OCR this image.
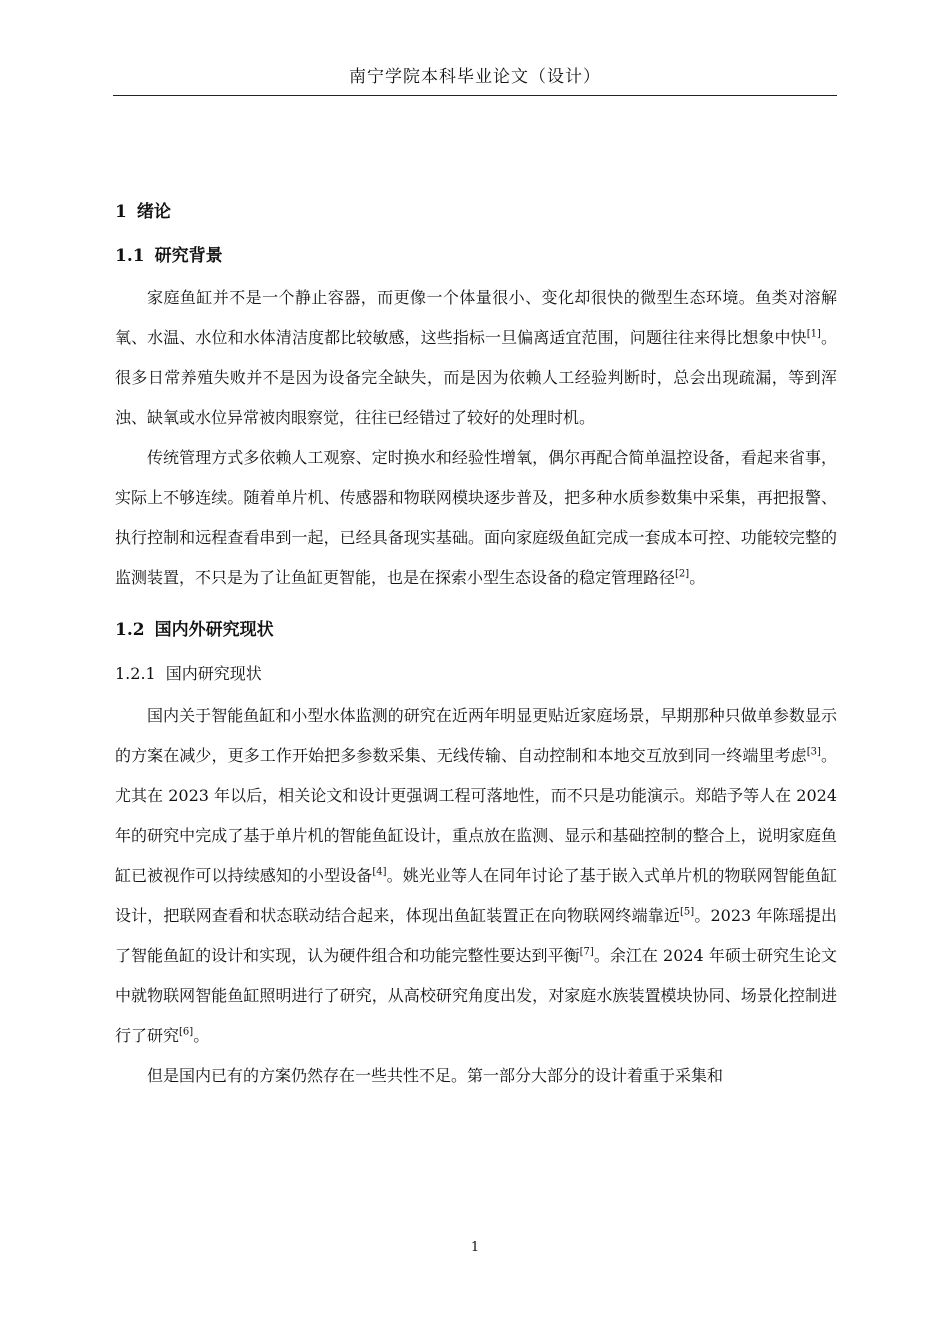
南宁学院本科毕业论文（设计）
1 绪论
1.1 研究背景

家庭鱼缸并不是一个静止容器，而更像一个体量很小、变化却很快的微型生态环境。鱼类对溶解氧、水温、水位和水体清洁度都比较敏感，这些指标一旦偏离适宜范围，问题往往来得比想象中快[1]。很多日常养殖失败并不是因为设备完全缺失，而是因为依赖人工经验判断时，总会出现疏漏，等到浑浊、缺氧或水位异常被肉眼察觉，往往已经错过了较好的处理时机。

传统管理方式多依赖人工观察、定时换水和经验性增氧，偶尔再配合简单温控设备，看起来省事，实际上不够连续。随着单片机、传感器和物联网模块逐步普及，把多种水质参数集中采集，再把报警、执行控制和远程查看串到一起，已经具备现实基础。面向家庭级鱼缸完成一套成本可控、功能较完整的监测装置，不只是为了让鱼缸更智能，也是在探索小型生态设备的稳定管理路径[2]。

1.2 国内外研究现状
1.2.1 国内研究现状

国内关于智能鱼缸和小型水体监测的研究在近两年明显更贴近家庭场景，早期那种只做单参数显示的方案在减少，更多工作开始把多参数采集、无线传输、自动控制和本地交互放到同一终端里考虑[3]。尤其在 2023 年以后，相关论文和设计更强调工程可落地性，而不只是功能演示。郑皓予等人在 2024 年的研究中完成了基于单片机的智能鱼缸设计，重点放在监测、显示和基础控制的整合上，说明家庭鱼缸已被视作可以持续感知的小型设备[4]。姚光业等人在同年讨论了基于嵌入式单片机的物联网智能鱼缸设计，把联网查看和状态联动结合起来，体现出鱼缸装置正在向物联网终端靠近[5]。2023 年陈瑶提出了智能鱼缸的设计和实现，认为硬件组合和功能完整性要达到平衡[7]。余江在 2024 年硕士研究生论文中就物联网智能鱼缸照明进行了研究，从高校研究角度出发，对家庭水族装置模块协同、场景化控制进行了研究[6]。

但是国内已有的方案仍然存在一些共性不足。第一部分大部分的设计着重于采集和

1
